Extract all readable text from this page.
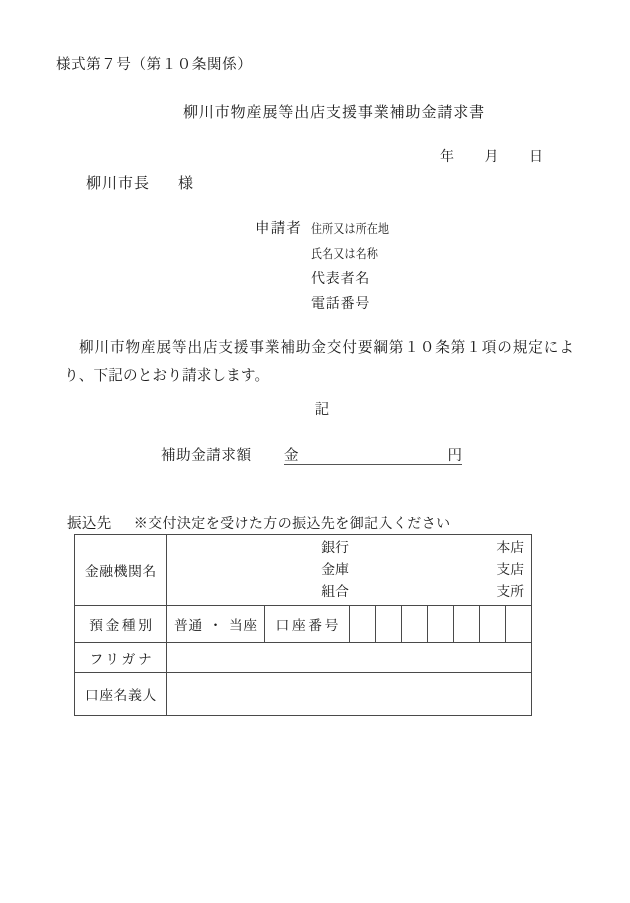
様式第７号（第１０条関係）
柳川市物産展等出店支援事業補助金請求書
年 月 日
柳川市長 様
申請者 住所又は所在地
氏名又は名称
代表者名
電話番号
柳川市物産展等出店支援事業補助金交付要綱第１０条第１項の規定により、下記のとおり請求します。
記
補助金請求額 金	円
振込先 ※交付決定を受けた方の振込先を御記入ください
金融機関名	
銀行	本店
金庫	支店
組合	支所

預金種別	普通 ・ 当座	口座番号							
フリガナ									
口座名義人									
